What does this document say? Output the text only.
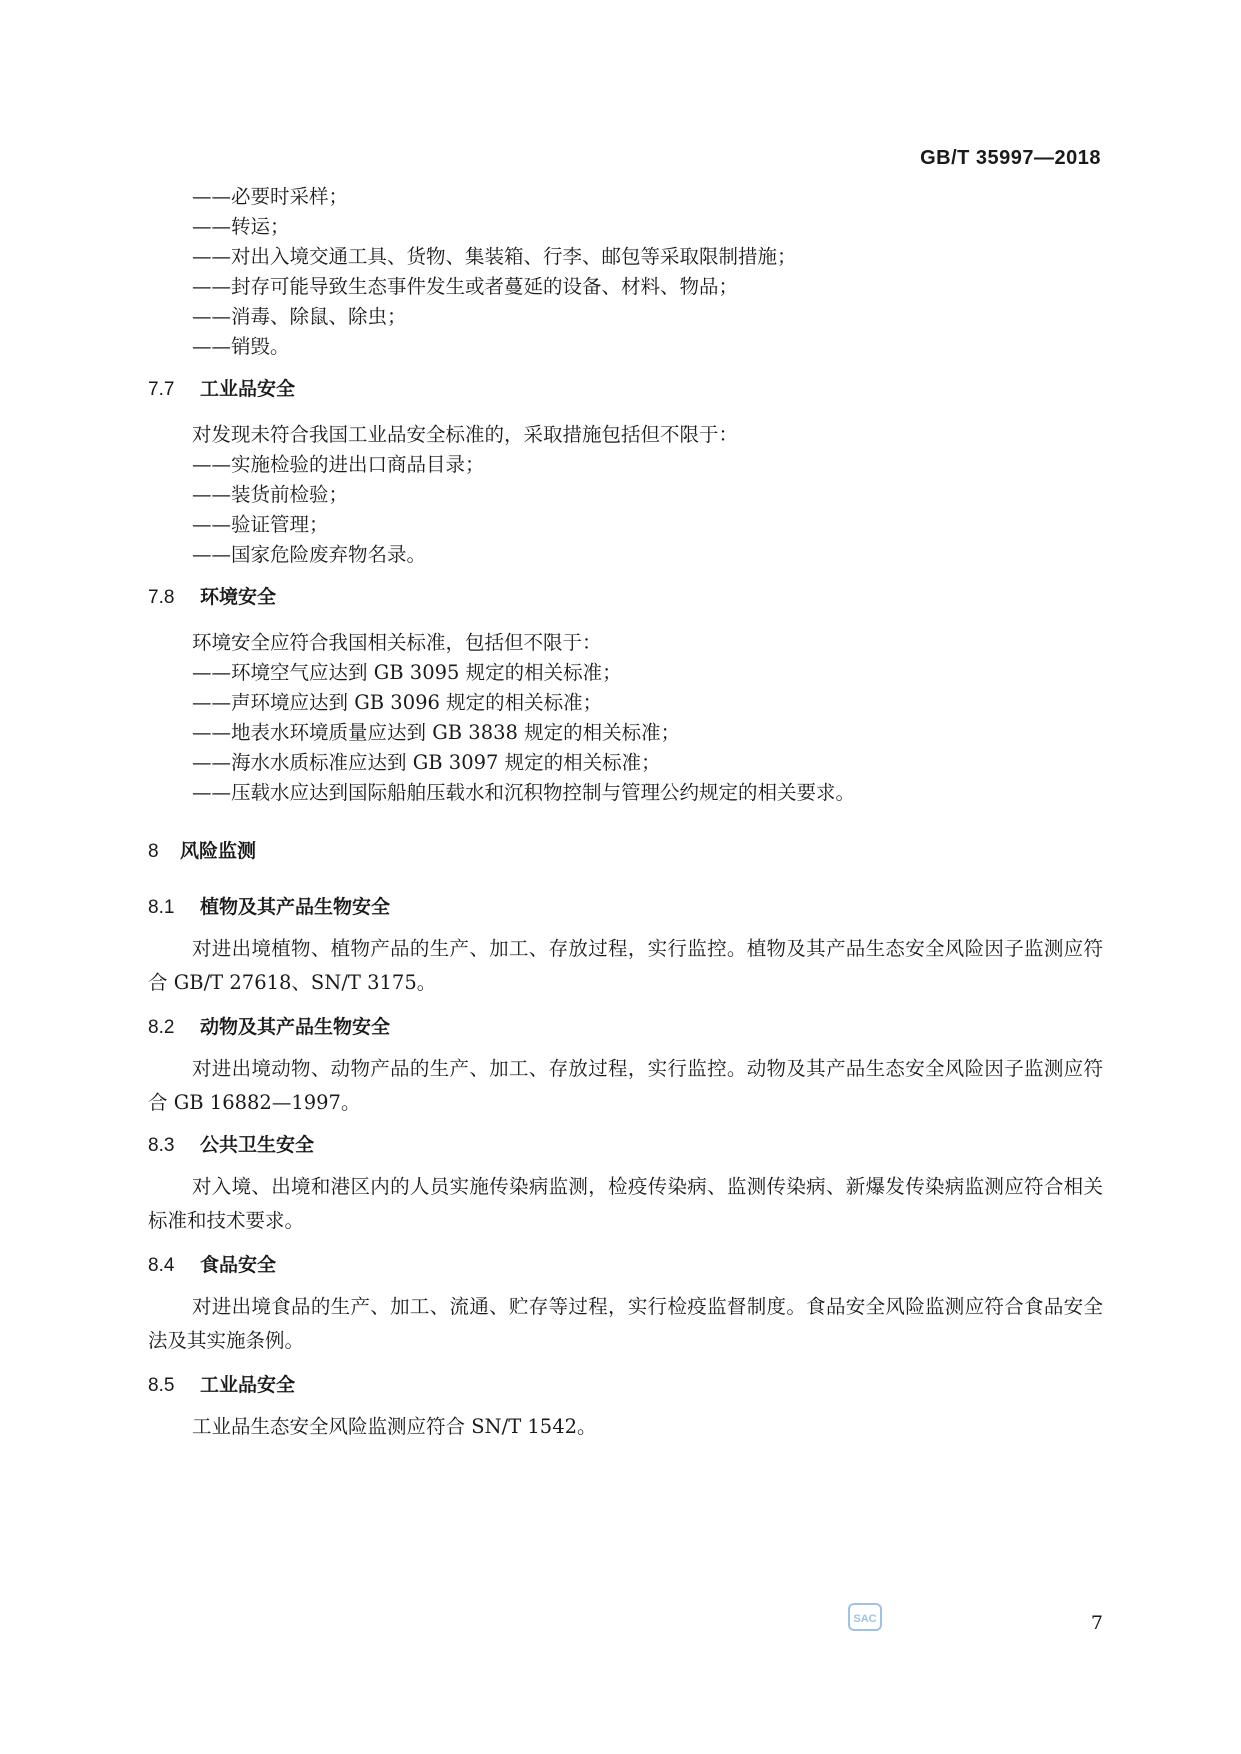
GB/T 35997—2018
——必要时采样；
——转运；
——对出入境交通工具、货物、集装箱、行李、邮包等采取限制措施；
——封存可能导致生态事件发生或者蔓延的设备、材料、物品；
——消毒、除鼠、除虫；
——销毁。
7.7 工业品安全
对发现未符合我国工业品安全标准的，采取措施包括但不限于：
——实施检验的进出口商品目录；
——装货前检验；
——验证管理；
——国家危险废弃物名录。
7.8 环境安全
环境安全应符合我国相关标准，包括但不限于：
——环境空气应达到 GB 3095 规定的相关标准；
——声环境应达到 GB 3096 规定的相关标准；
——地表水环境质量应达到 GB 3838 规定的相关标准；
——海水水质标准应达到 GB 3097 规定的相关标准；
——压载水应达到国际船舶压载水和沉积物控制与管理公约规定的相关要求。
8 风险监测
8.1 植物及其产品生物安全
对进出境植物、植物产品的生产、加工、存放过程，实行监控。植物及其产品生态安全风险因子监测应符合 GB/T 27618、SN/T 3175。
8.2 动物及其产品生物安全
对进出境动物、动物产品的生产、加工、存放过程，实行监控。动物及其产品生态安全风险因子监测应符合 GB 16882—1997。
8.3 公共卫生安全
对入境、出境和港区内的人员实施传染病监测，检疫传染病、监测传染病、新爆发传染病监测应符合相关标准和技术要求。
8.4 食品安全
对进出境食品的生产、加工、流通、贮存等过程，实行检疫监督制度。食品安全风险监测应符合食品安全法及其实施条例。
8.5 工业品安全
工业品生态安全风险监测应符合 SN/T 1542。
SAC	7
